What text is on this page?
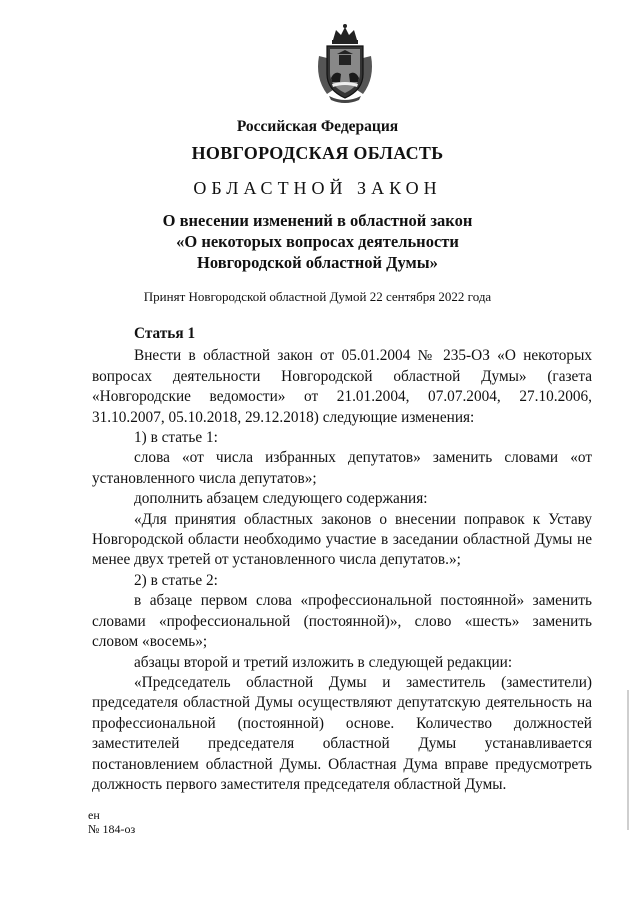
Российская Федерация

НОВГОРОДСКАЯ ОБЛАСТЬ

ОБЛАСТНОЙ ЗАКОН

О внесении изменений в областной закон
«О некоторых вопросах деятельности
Новгородской областной Думы»

Принят Новгородской областной Думой 22 сентября 2022 года

Статья 1

Внести в областной закон от 05.01.2004 № 235-ОЗ «О некоторых вопросах деятельности Новгородской областной Думы» (газета «Новгородские ведомости» от 21.01.2004, 07.07.2004, 27.10.2006, 31.10.2007, 05.10.2018, 29.12.2018) следующие изменения:

1) в статье 1:

слова «от числа избранных депутатов» заменить словами «от установленного числа депутатов»;

дополнить абзацем следующего содержания:

«Для принятия областных законов о внесении поправок к Уставу Новгородской области необходимо участие в заседании областной Думы не менее двух третей от установленного числа депутатов.»;

2) в статье 2:

в абзаце первом слова «профессиональной постоянной» заменить словами «профессиональной (постоянной)», слово «шесть» заменить словом «восемь»;

абзацы второй и третий изложить в следующей редакции:

«Председатель областной Думы и заместитель (заместители) председателя областной Думы осуществляют депутатскую деятельность на профессиональной (постоянной) основе. Количество должностей заместителей председателя областной Думы устанавливается постановлением областной Думы. Областная Дума вправе предусмотреть должность первого заместителя председателя областной Думы.

ен
№ 184-оз
